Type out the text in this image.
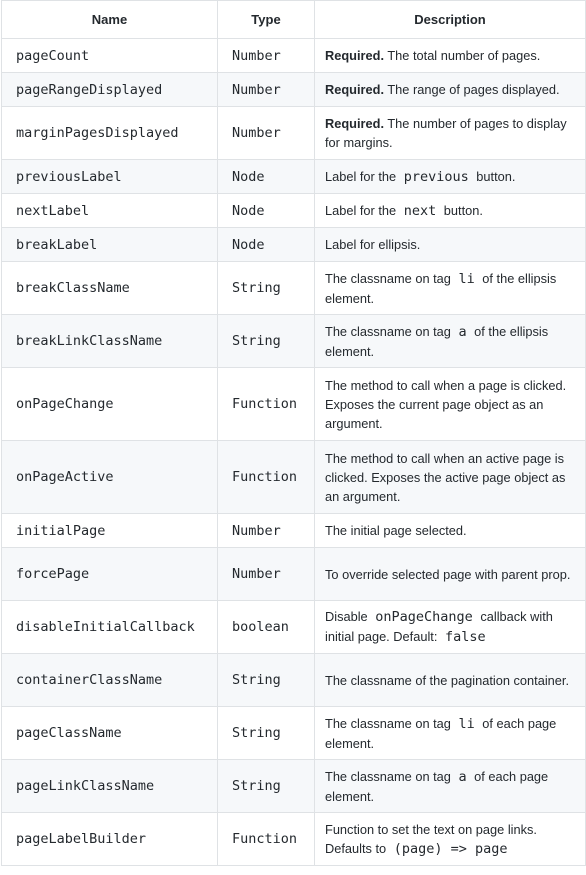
Name	Type	Description
pageCount	Number	Required. The total number of pages.
pageRangeDisplayed	Number	Required. The range of pages displayed.
marginPagesDisplayed	Number	Required. The number of pages to display for margins.
previousLabel	Node	Label for the previous button.
nextLabel	Node	Label for the next button.
breakLabel	Node	Label for ellipsis.
breakClassName	String	The classname on tag li of the ellipsis element.
breakLinkClassName	String	The classname on tag a of the ellipsis element.
onPageChange	Function	The method to call when a page is clicked. Exposes the current page object as an argument.
onPageActive	Function	The method to call when an active page is clicked. Exposes the active page object as an argument.
initialPage	Number	The initial page selected.
forcePage	Number	To override selected page with parent prop.
disableInitialCallback	boolean	Disable onPageChange callback with initial page. Default: false
containerClassName	String	The classname of the pagination container.
pageClassName	String	The classname on tag li of each page element.
pageLinkClassName	String	The classname on tag a of each page element.
pageLabelBuilder	Function	Function to set the text on page links. Defaults to (page) => page
